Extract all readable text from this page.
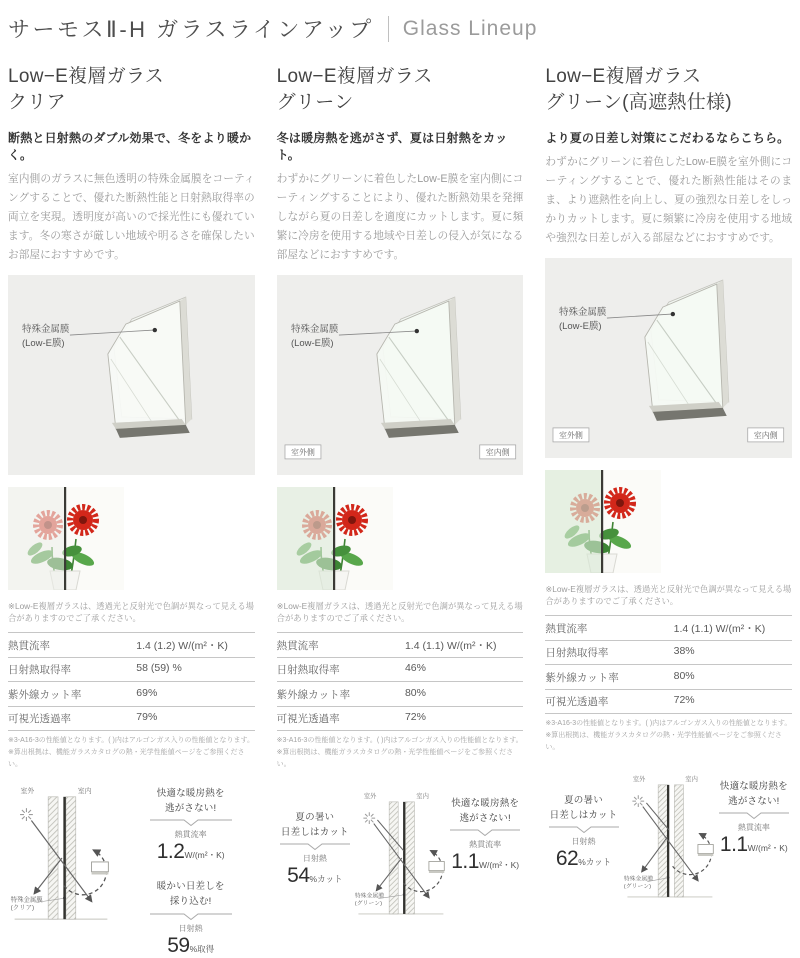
サーモスⅡ-H ガラスラインアップ Glass Lineup
Low−E複層ガラス
クリア
断熱と日射熱のダブル効果で、冬をより暖かく。
室内側のガラスに無色透明の特殊金属膜をコーティングすることで、優れた断熱性能と日射熱取得率の両立を実現。透明度が高いので採光性にも優れています。冬の寒さが厳しい地域や明るさを確保したいお部屋におすすめです。
特殊金属膜
(Low-E膜)
※Low-E複層ガラスは、透過光と反射光で色調が異なって見える場合がありますのでご了承ください。
熱貫流率	1.4 (1.2) W/(m²・K)
日射熱取得率	58 (59) %
紫外線カット率	69%
可視光透過率	79%
※3-A16-3の性能値となります。( )内はアルゴンガス入りの性能値となります。
※算出根拠は、機能ガラスカタログの熱・光学性能値ページをご参照ください。
室外	室内
特殊金属膜
(クリア)
快適な暖房熱を
逃がさない!
熱貫流率
1.2W/(m²・K)
暖かい日差しを
採り込む!
日射熱
59%取得
Low−E複層ガラス
グリーン
冬は暖房熱を逃がさず、夏は日射熱をカット。
わずかにグリーンに着色したLow-E膜を室内側にコーティングすることにより、優れた断熱効果を発揮しながら夏の日差しを適度にカットします。夏に頻繁に冷房を使用する地域や日差しの侵入が気になる部屋などにおすすめです。
特殊金属膜
(Low-E膜)
室外側	室内側
※Low-E複層ガラスは、透過光と反射光で色調が異なって見える場合がありますのでご了承ください。
熱貫流率	1.4 (1.1) W/(m²・K)
日射熱取得率	46%
紫外線カット率	80%
可視光透過率	72%
※3-A16-3の性能値となります。( )内はアルゴンガス入りの性能値となります。
※算出根拠は、機能ガラスカタログの熱・光学性能値ページをご参照ください。
夏の暑い
日差しはカット
日射熱
54%カット
室外	室内
特殊金属膜
(グリーン)
快適な暖房熱を
逃がさない!
熱貫流率
1.1W/(m²・K)
Low−E複層ガラス
グリーン(高遮熱仕様)
より夏の日差し対策にこだわるならこちら。
わずかにグリーンに着色したLow-E膜を室外側にコーティングすることで、優れた断熱性能はそのまま、より遮熱性を向上し、夏の強烈な日差しをしっかりカットします。夏に頻繁に冷房を使用する地域や強烈な日差しが入る部屋などにおすすめです。
特殊金属膜
(Low-E膜)
室外側	室内側
※Low-E複層ガラスは、透過光と反射光で色調が異なって見える場合がありますのでご了承ください。
熱貫流率	1.4 (1.1) W/(m²・K)
日射熱取得率	38%
紫外線カット率	80%
可視光透過率	72%
※3-A16-3の性能値となります。( )内はアルゴンガス入りの性能値となります。
※算出根拠は、機能ガラスカタログの熱・光学性能値ページをご参照ください。
夏の暑い
日差しはカット
日射熱
62%カット
室外	室内
特殊金属膜
(グリーン)
快適な暖房熱を
逃がさない!
熱貫流率
1.1W/(m²・K)
